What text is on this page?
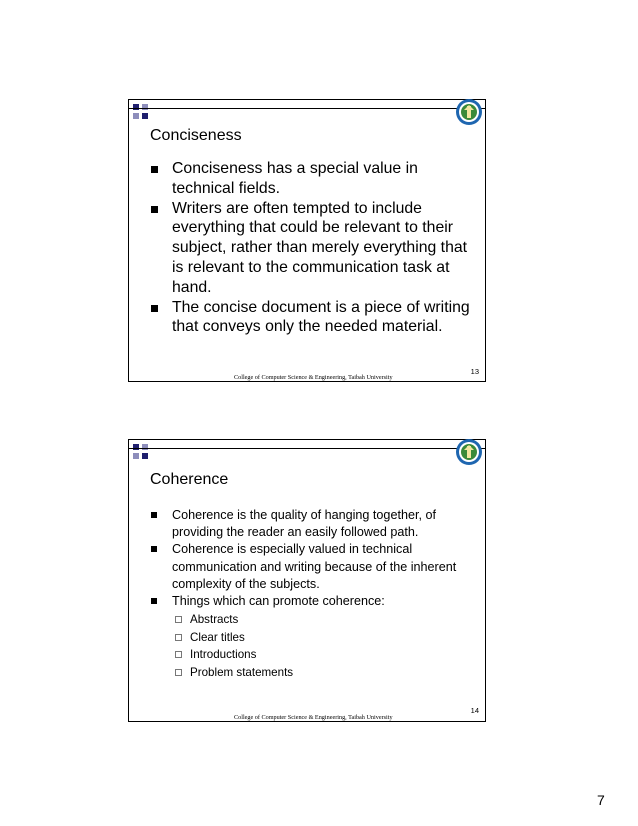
Conciseness
Conciseness has a special value in technical fields.
Writers are often tempted to include everything that could be relevant to their subject, rather than merely everything that is relevant to the communication task at hand.
The concise document is a piece of writing that conveys only the needed material.
13
College of Computer Science & Engineering, Taibah University
Coherence
Coherence is the quality of hanging together, of providing the reader an easily followed path.
Coherence is especially valued in technical communication and writing because of the inherent complexity of the subjects.
Things which can promote coherence:
Abstracts
Clear titles
Introductions
Problem statements
14
College of Computer Science & Engineering, Taibah University
7
